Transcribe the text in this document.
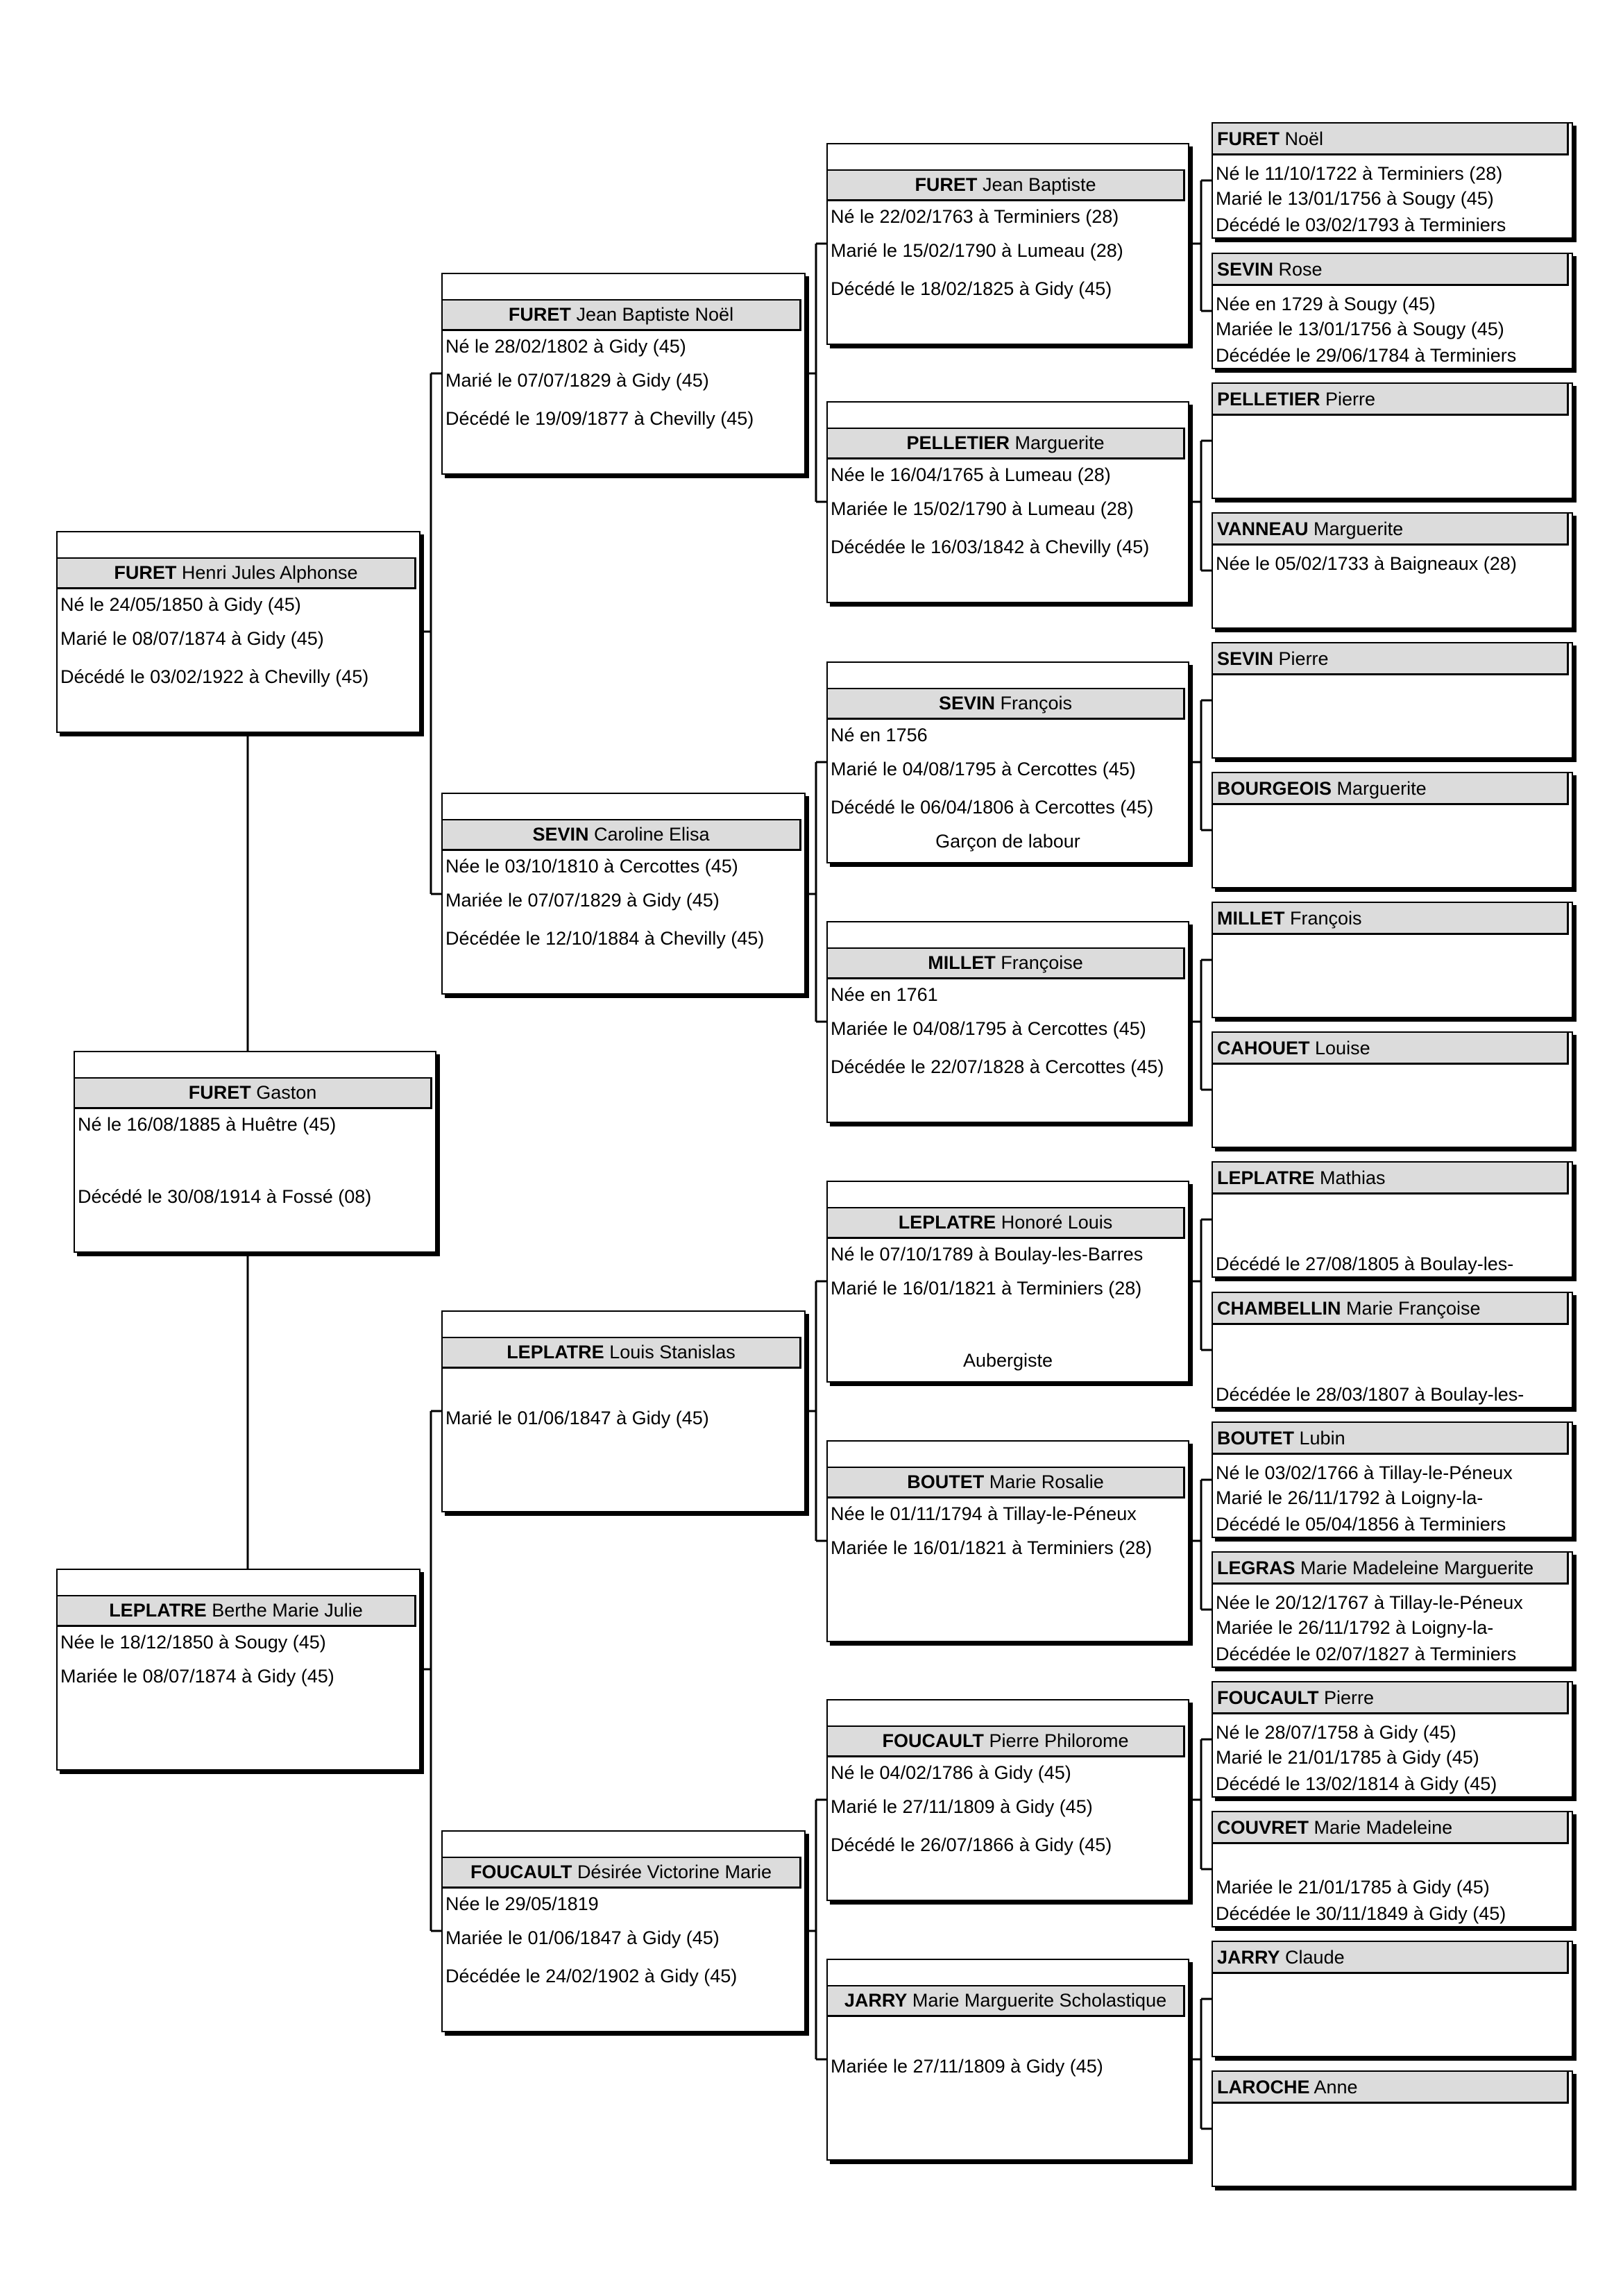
FURET Gaston
Né le 16/08/1885 à Huêtre (45)
Décédé le 30/08/1914 à Fossé (08)
FURET Henri Jules Alphonse
Né le 24/05/1850 à Gidy (45)
Marié le 08/07/1874 à Gidy (45)
Décédé le 03/02/1922 à Chevilly (45)
LEPLATRE Berthe Marie Julie
Née le 18/12/1850 à Sougy (45)
Mariée le 08/07/1874 à Gidy (45)
FURET Jean Baptiste Noël
Né le 28/02/1802 à Gidy (45)
Marié le 07/07/1829 à Gidy (45)
Décédé le 19/09/1877 à Chevilly (45)
SEVIN Caroline Elisa
Née le 03/10/1810 à Cercottes (45)
Mariée le 07/07/1829 à Gidy (45)
Décédée le 12/10/1884 à Chevilly (45)
LEPLATRE Louis Stanislas
Marié le 01/06/1847 à Gidy (45)
FOUCAULT Désirée Victorine Marie
Née le 29/05/1819
Mariée le 01/06/1847 à Gidy (45)
Décédée le 24/02/1902 à Gidy (45)
FURET Jean Baptiste
Né le 22/02/1763 à Terminiers (28)
Marié le 15/02/1790 à Lumeau (28)
Décédé le 18/02/1825 à Gidy (45)
PELLETIER Marguerite
Née le 16/04/1765 à Lumeau (28)
Mariée le 15/02/1790 à Lumeau (28)
Décédée le 16/03/1842 à Chevilly (45)
SEVIN François
Né en 1756
Marié le 04/08/1795 à Cercottes (45)
Décédé le 06/04/1806 à Cercottes (45)
Garçon de labour
MILLET Françoise
Née en 1761
Mariée le 04/08/1795 à Cercottes (45)
Décédée le 22/07/1828 à Cercottes (45)
LEPLATRE Honoré Louis
Né le 07/10/1789 à Boulay-les-Barres
Marié le 16/01/1821 à Terminiers (28)
Aubergiste
BOUTET Marie Rosalie
Née le 01/11/1794 à Tillay-le-Péneux
Mariée le 16/01/1821 à Terminiers (28)
FOUCAULT Pierre Philorome
Né le 04/02/1786 à Gidy (45)
Marié le 27/11/1809 à Gidy (45)
Décédé le 26/07/1866 à Gidy (45)
JARRY Marie Marguerite Scholastique
Mariée le 27/11/1809 à Gidy (45)
FURET Noël
Né le 11/10/1722 à Terminiers (28)
Marié le 13/01/1756 à Sougy (45)
Décédé le 03/02/1793 à Terminiers
SEVIN Rose
Née en 1729 à Sougy (45)
Mariée le 13/01/1756 à Sougy (45)
Décédée le 29/06/1784 à Terminiers
PELLETIER Pierre
VANNEAU Marguerite
Née le 05/02/1733 à Baigneaux (28)
SEVIN Pierre
BOURGEOIS Marguerite
MILLET François
CAHOUET Louise
LEPLATRE Mathias
Décédé le 27/08/1805 à Boulay-les-
CHAMBELLIN Marie Françoise
Décédée le 28/03/1807 à Boulay-les-
BOUTET Lubin
Né le 03/02/1766 à Tillay-le-Péneux
Marié le 26/11/1792 à Loigny-la-
Décédé le 05/04/1856 à Terminiers
LEGRAS Marie Madeleine Marguerite
Née le 20/12/1767 à Tillay-le-Péneux
Mariée le 26/11/1792 à Loigny-la-
Décédée le 02/07/1827 à Terminiers
FOUCAULT Pierre
Né le 28/07/1758 à Gidy (45)
Marié le 21/01/1785 à Gidy (45)
Décédé le 13/02/1814 à Gidy (45)
COUVRET Marie Madeleine
Mariée le 21/01/1785 à Gidy (45)
Décédée le 30/11/1849 à Gidy (45)
JARRY Claude
LAROCHE Anne
